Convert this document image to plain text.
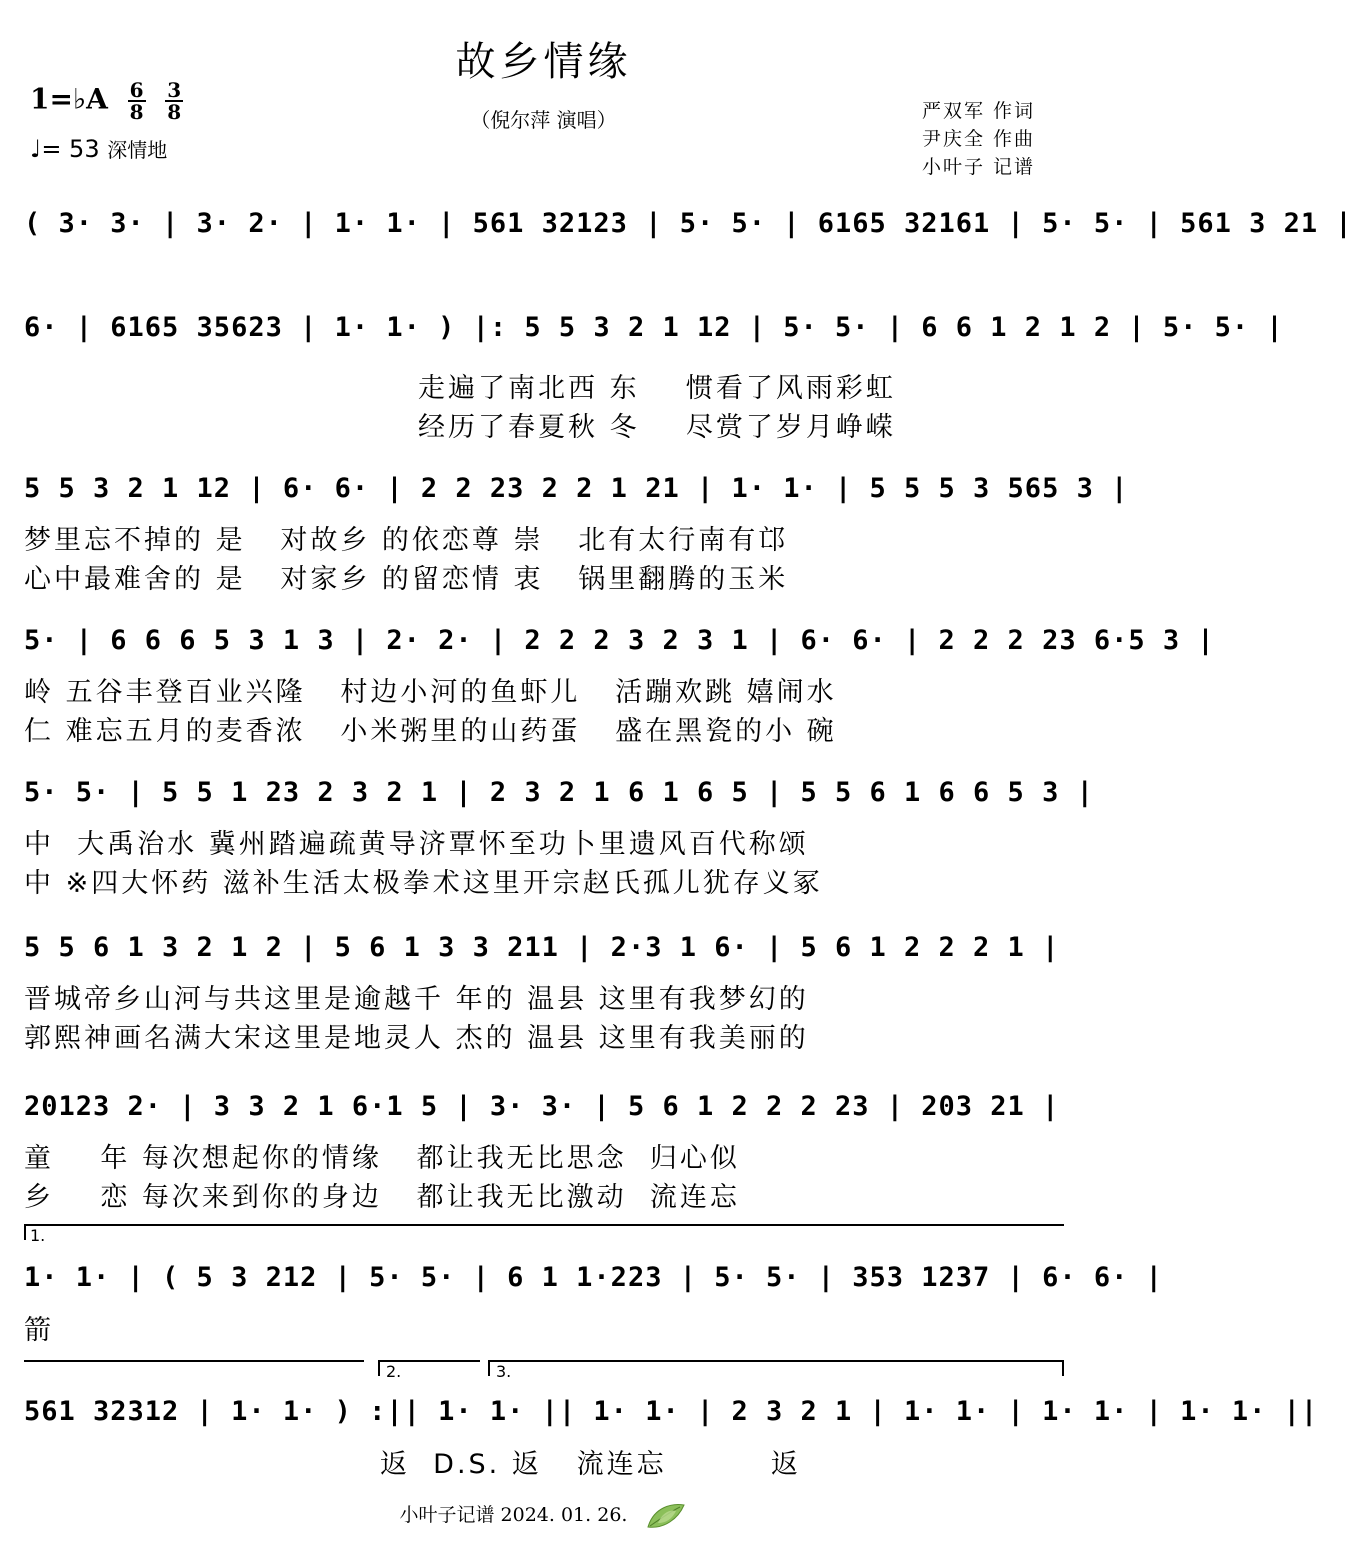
故乡情缘
（倪尔萍 演唱）
1=♭A $\frac{6}{8}$
$\frac{3}{8}$
♩= 53 深情地
严双军 作词
尹庆全 作曲
小叶子 记谱
( 3· 3· | 3· 2· | 1· 1· | 561 32123 | 5· 5· | 6165 32161 | 5· 5· | 561 3 21 |
6· | 6165 35623 | 1· 1· ) |: 5 5 3 2 1 12 | 5· 5· | 6 6 1 2 1 2 | 5· 5· |
走遍了南北西 东    惯看了风雨彩虹
经历了春夏秋 冬    尽赏了岁月峥嵘
5 5 3 2 1 12 | 6· 6· | 2 2 23 2 2 1 21 | 1· 1· | 5 5 5 3 565 3 |
梦里忘不掉的 是   对故乡 的依恋尊 崇   北有太行南有邙
心中最难舍的 是   对家乡 的留恋情 衷   锅里翻腾的玉米
5· | 6 6 6 5 3 1 3 | 2· 2· | 2 2 2 3 2 3 1 | 6· 6· | 2 2 2 23 6·5 3 |
岭 五谷丰登百业兴隆   村边小河的鱼虾儿   活蹦欢跳 嬉闹水
仁 难忘五月的麦香浓   小米粥里的山药蛋   盛在黑瓷的小 碗
5· 5· | 5 5 1 23 2 3 2 1 | 2 3 2 1 6 1 6 5 | 5 5 6 1 6 6 5 3 |
中  大禹治水 冀州踏遍疏黄导济覃怀至功卜里遗风百代称颂
中 ※四大怀药 滋补生活太极拳术这里开宗赵氏孤儿犹存义冢
5 5 6 1 3 2 1 2 | 5 6 1 3 3 211 | 2·3 1 6· | 5 6 1 2 2 2 1 |
晋城帝乡山河与共这里是逾越千 年的 温县 这里有我梦幻的
郭熙神画名满大宋这里是地灵人 杰的 温县 这里有我美丽的
20123 2· | 3 3 2 1 6·1 5 | 3· 3· | 5 6 1 2 2 2 23 | 203 21 |
童    年 每次想起你的情缘   都让我无比思念  归心似
乡    恋 每次来到你的身边   都让我无比激动  流连忘
1.
1· 1· | ( 5 3 212 | 5· 5· | 6 1 1·223 | 5· 5· | 353 1237 | 6· 6· |
箭
2.	3.
561 32312 | 1· 1· ) :|| 1· 1· || 1· 1· | 2 3 2 1 | 1· 1· | 1· 1· | 1· 1· ||
返  D.S. 返   流连忘         返
小叶子记谱 2024. 01. 26.
